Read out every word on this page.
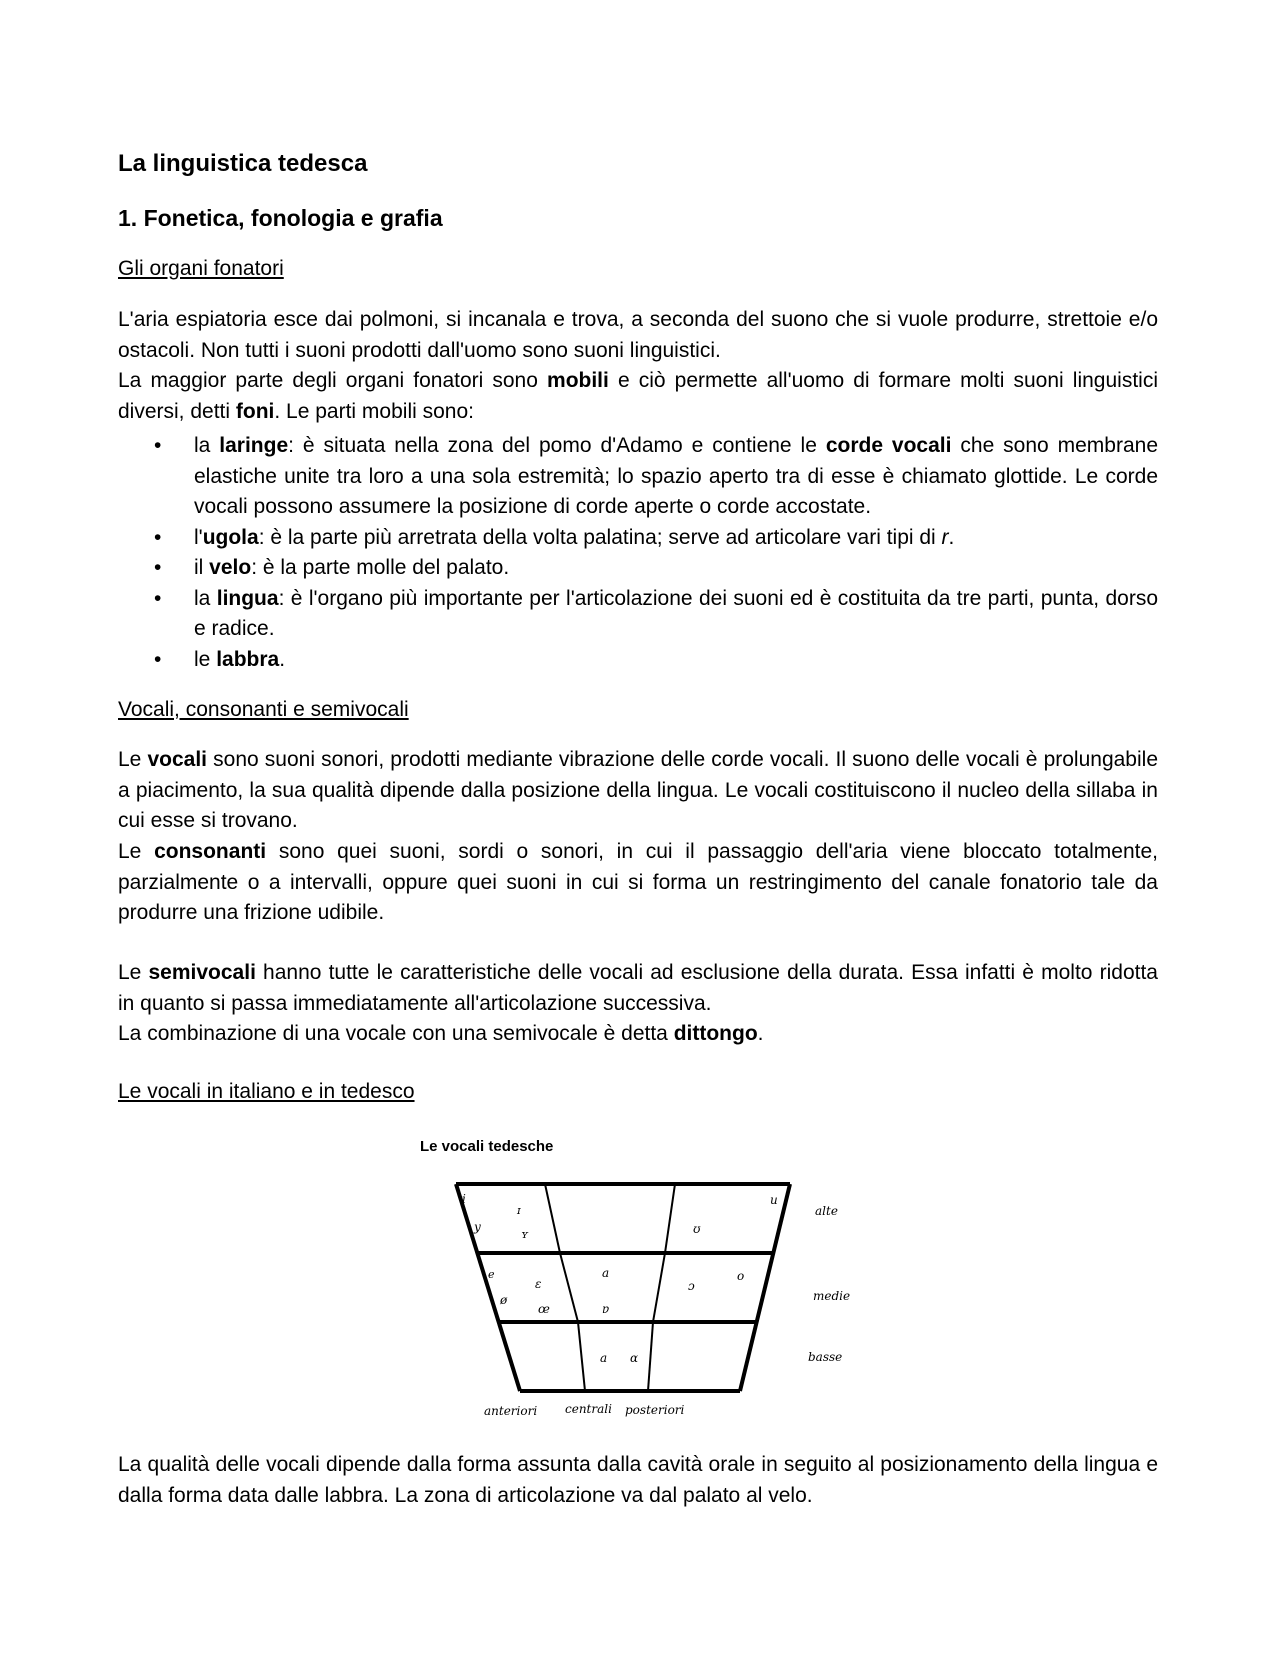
La linguistica tedesca
1. Fonetica, fonologia e grafia

Gli organi fonatori

L'aria espiatoria esce dai polmoni, si incanala e trova, a seconda del suono che si vuole produrre, strettoie e/o ostacoli. Non tutti i suoni prodotti dall'uomo sono suoni linguistici.

La maggior parte degli organi fonatori sono mobili e ciò permette all'uomo di formare molti suoni linguistici diversi, detti foni. Le parti mobili sono:

• la laringe: è situata nella zona del pomo d'Adamo e contiene le corde vocali che sono membrane elastiche unite tra loro a una sola estremità; lo spazio aperto tra di esse è chiamato glottide. Le corde vocali possono assumere la posizione di corde aperte o corde accostate.
• l'ugola: è la parte più arretrata della volta palatina; serve ad articolare vari tipi di r.
• il velo: è la parte molle del palato.
• la lingua: è l'organo più importante per l'articolazione dei suoni ed è costituita da tre parti, punta, dorso e radice.
• le labbra.

Vocali, consonanti e semivocali

Le vocali sono suoni sonori, prodotti mediante vibrazione delle corde vocali. Il suono delle vocali è prolungabile a piacimento, la sua qualità dipende dalla posizione della lingua. Le vocali costituiscono il nucleo della sillaba in cui esse si trovano.

Le consonanti sono quei suoni, sordi o sonori, in cui il passaggio dell'aria viene bloccato totalmente, parzialmente o a intervalli, oppure quei suoni in cui si forma un restringimento del canale fonatorio tale da produrre una frizione udibile.

Le semivocali hanno tutte le caratteristiche delle vocali ad esclusione della durata. Essa infatti è molto ridotta in quanto si passa immediatamente all'articolazione successiva.

La combinazione di una vocale con una semivocale è detta dittongo.

Le vocali in italiano e in tedesco

Le vocali tedesche
i
ɪ
y
ʏ
u
ʊ
e
ɛ
ø
œ
a
ɐ
ɔ
o
a ɑ
alte
medie
basse
anteriori centrali posteriori

La qualità delle vocali dipende dalla forma assunta dalla cavità orale in seguito al posizionamento della lingua e dalla forma data dalle labbra. La zona di articolazione va dal palato al velo.
